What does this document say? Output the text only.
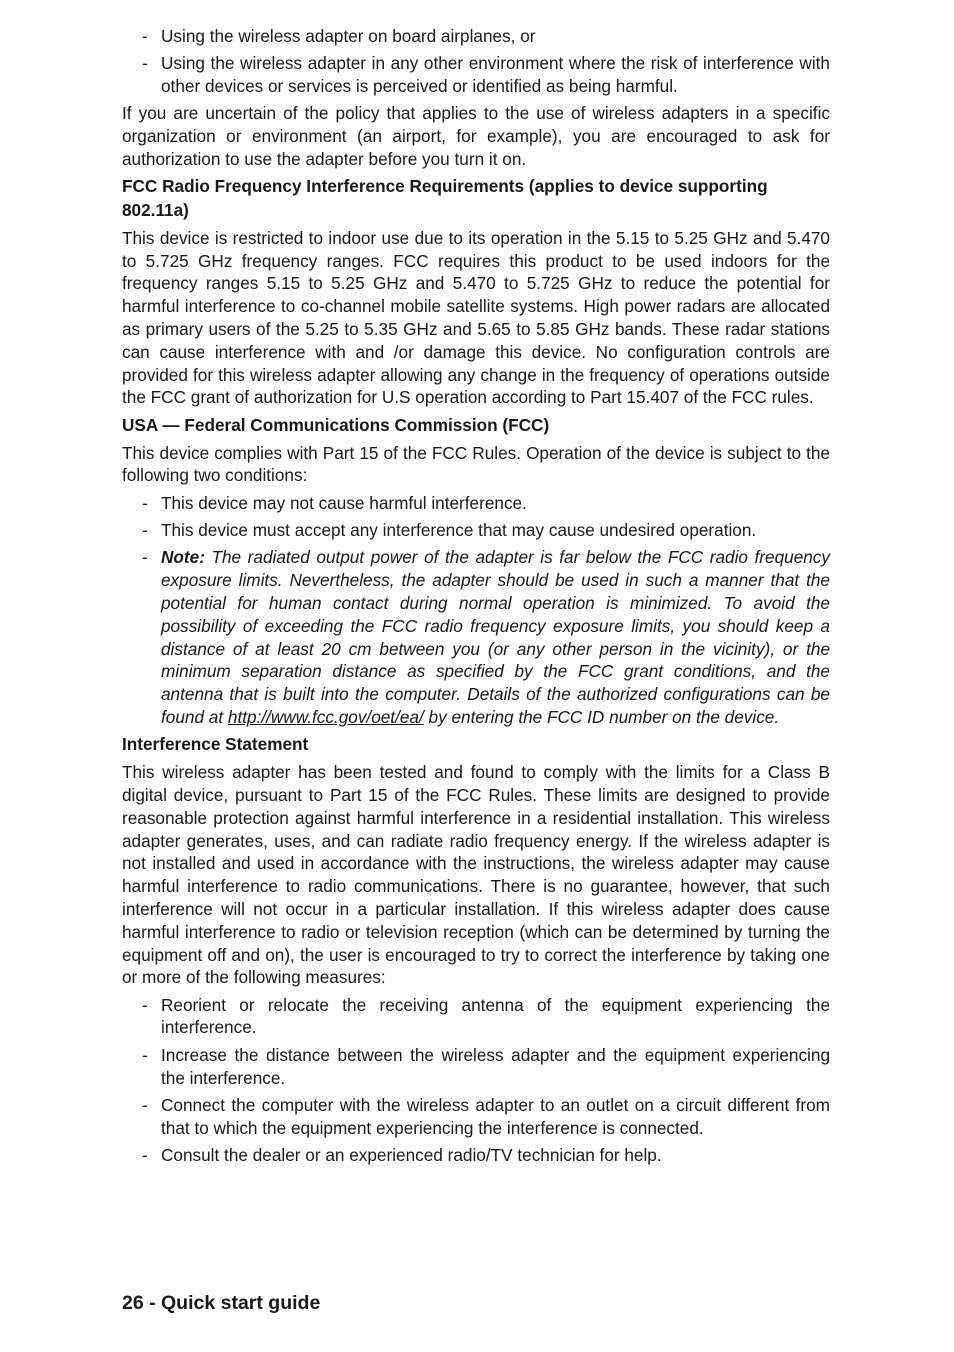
- Using the wireless adapter on board airplanes, or
- Using the wireless adapter in any other environment where the risk of interference with other devices or services is perceived or identified as being harmful.

If you are uncertain of the policy that applies to the use of wireless adapters in a specific organization or environment (an airport, for example), you are encouraged to ask for authorization to use the adapter before you turn it on.

FCC Radio Frequency Interference Requirements (applies to device supporting 802.11a)

This device is restricted to indoor use due to its operation in the 5.15 to 5.25 GHz and 5.470 to 5.725 GHz frequency ranges. FCC requires this product to be used indoors for the frequency ranges 5.15 to 5.25 GHz and 5.470 to 5.725 GHz to reduce the potential for harmful interference to co-channel mobile satellite systems. High power radars are allocated as primary users of the 5.25 to 5.35 GHz and 5.65 to 5.85 GHz bands. These radar stations can cause interference with and /or damage this device. No configuration controls are provided for this wireless adapter allowing any change in the frequency of operations outside the FCC grant of authorization for U.S operation according to Part 15.407 of the FCC rules.

USA — Federal Communications Commission (FCC)

This device complies with Part 15 of the FCC Rules. Operation of the device is subject to the following two conditions:

- This device may not cause harmful interference.
- This device must accept any interference that may cause undesired operation.
- Note: The radiated output power of the adapter is far below the FCC radio frequency exposure limits. Nevertheless, the adapter should be used in such a manner that the potential for human contact during normal operation is minimized. To avoid the possibility of exceeding the FCC radio frequency exposure limits, you should keep a distance of at least 20 cm between you (or any other person in the vicinity), or the minimum separation distance as specified by the FCC grant conditions, and the antenna that is built into the computer. Details of the authorized configurations can be found at http://www.fcc.gov/oet/ea/ by entering the FCC ID number on the device.
Interference Statement

This wireless adapter has been tested and found to comply with the limits for a Class B digital device, pursuant to Part 15 of the FCC Rules. These limits are designed to provide reasonable protection against harmful interference in a residential installation. This wireless adapter generates, uses, and can radiate radio frequency energy. If the wireless adapter is not installed and used in accordance with the instructions, the wireless adapter may cause harmful interference to radio communications. There is no guarantee, however, that such interference will not occur in a particular installation. If this wireless adapter does cause harmful interference to radio or television reception (which can be determined by turning the equipment off and on), the user is encouraged to try to correct the interference by taking one or more of the following measures:

- Reorient or relocate the receiving antenna of the equipment experiencing the interference.
- Increase the distance between the wireless adapter and the equipment experiencing the interference.
- Connect the computer with the wireless adapter to an outlet on a circuit different from that to which the equipment experiencing the interference is connected.
- Consult the dealer or an experienced radio/TV technician for help.
26 - Quick start guide
